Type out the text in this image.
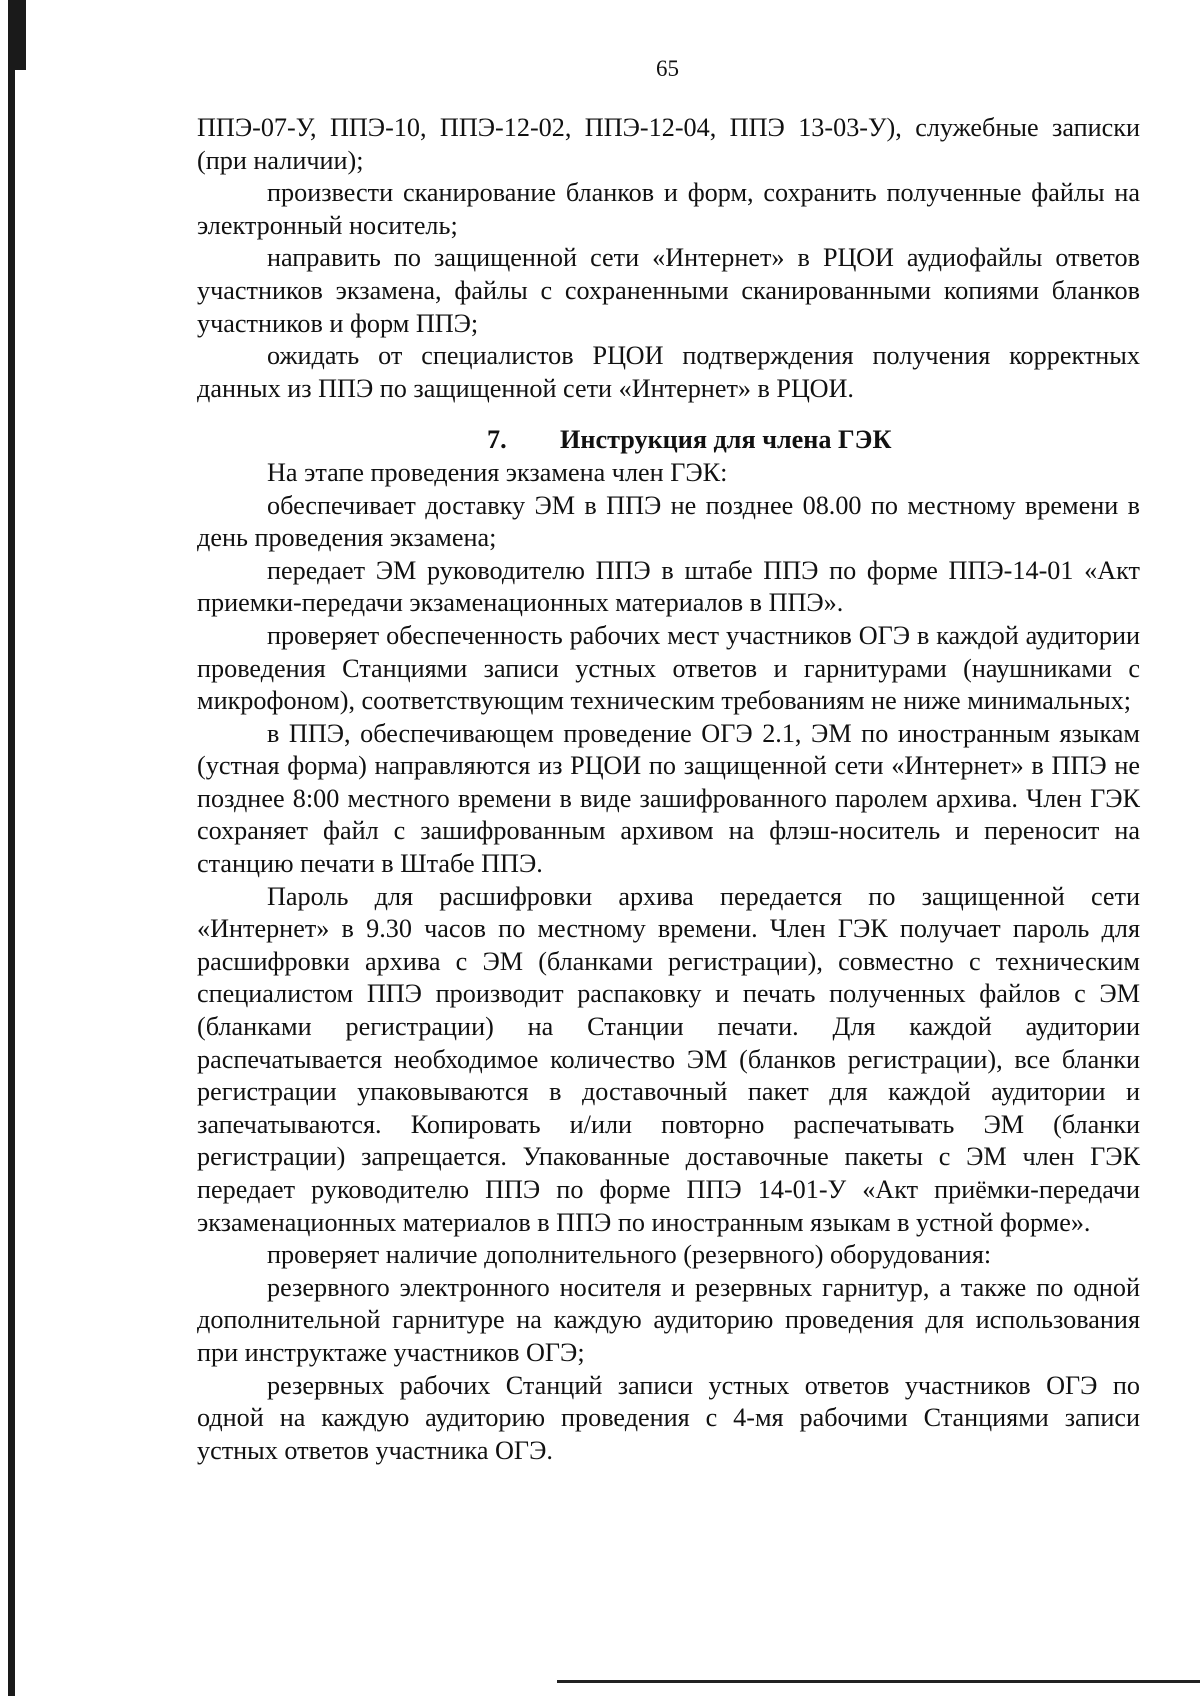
65

ППЭ-07-У, ППЭ-10, ППЭ-12-02, ППЭ-12-04, ППЭ 13-03-У), служебные записки (при наличии);

произвести сканирование бланков и форм, сохранить полученные файлы на электронный носитель;

направить по защищенной сети «Интернет» в РЦОИ аудиофайлы ответов участников экзамена, файлы с сохраненными сканированными копиями бланков участников и форм ППЭ;

ожидать от специалистов РЦОИ подтверждения получения корректных данных из ППЭ по защищенной сети «Интернет» в РЦОИ.

7. Инструкция для члена ГЭК

На этапе проведения экзамена член ГЭК:

обеспечивает доставку ЭМ в ППЭ не позднее 08.00 по местному времени в день проведения экзамена;

передает ЭМ руководителю ППЭ в штабе ППЭ по форме ППЭ-14-01 «Акт приемки-передачи экзаменационных материалов в ППЭ».

проверяет обеспеченность рабочих мест участников ОГЭ в каждой аудитории проведения Станциями записи устных ответов и гарнитурами (наушниками с микрофоном), соответствующим техническим требованиям не ниже минимальных;

в ППЭ, обеспечивающем проведение ОГЭ 2.1, ЭМ по иностранным языкам (устная форма) направляются из РЦОИ по защищенной сети «Интернет» в ППЭ не позднее 8:00 местного времени в виде зашифрованного паролем архива. Член ГЭК сохраняет файл с зашифрованным архивом на флэш-носитель и переносит на станцию печати в Штабе ППЭ.

Пароль для расшифровки архива передается по защищенной сети «Интернет» в 9.30 часов по местному времени. Член ГЭК получает пароль для расшифровки архива с ЭМ (бланками регистрации), совместно с техническим специалистом ППЭ производит распаковку и печать полученных файлов с ЭМ (бланками регистрации) на Станции печати. Для каждой аудитории распечатывается необходимое количество ЭМ (бланков регистрации), все бланки регистрации упаковываются в доставочный пакет для каждой аудитории и запечатываются. Копировать и/или повторно распечатывать ЭМ (бланки регистрации) запрещается. Упакованные доставочные пакеты с ЭМ член ГЭК передает руководителю ППЭ по форме ППЭ 14-01-У «Акт приёмки-передачи экзаменационных материалов в ППЭ по иностранным языкам в устной форме».

проверяет наличие дополнительного (резервного) оборудования:

резервного электронного носителя и резервных гарнитур, а также по одной дополнительной гарнитуре на каждую аудиторию проведения для использования при инструктаже участников ОГЭ;

резервных рабочих Станций записи устных ответов участников ОГЭ по одной на каждую аудиторию проведения с 4-мя рабочими Станциями записи устных ответов участника ОГЭ.
